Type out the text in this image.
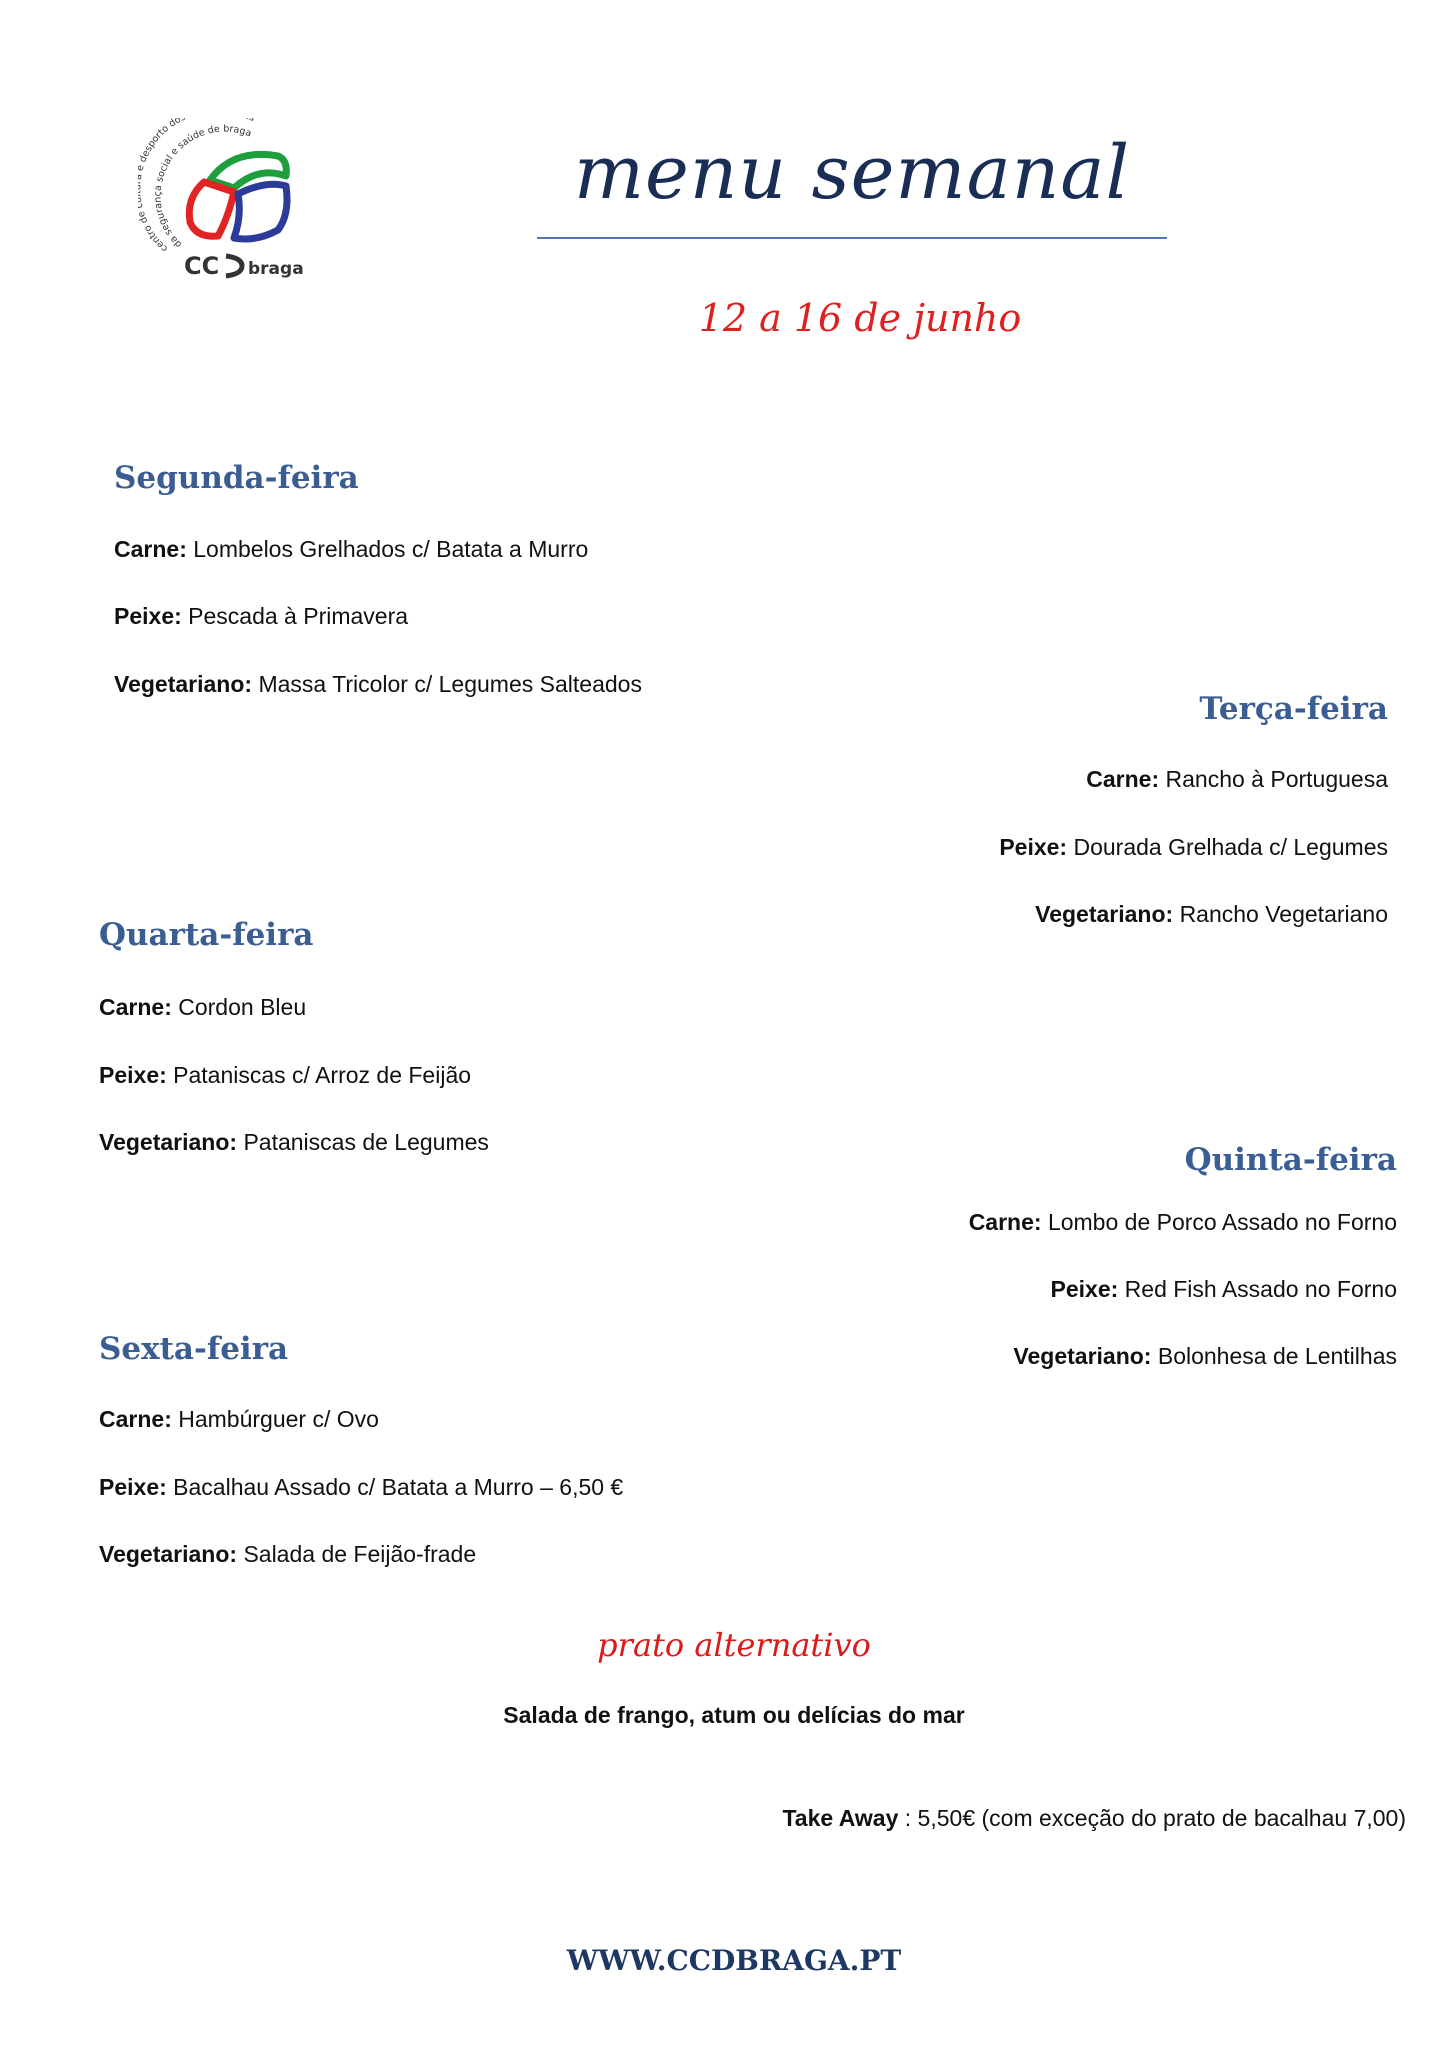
centro d desporto do
da segurança social e saúde de braga
CC braga
menu semanal
12 a 16 de junho
Segunda-feira
Carne: Lombelos Grelhados c/ Batata a Murro
Peixe: Pescada à Primavera
Vegetariano: Massa Tricolor c/ Legumes Salteados
Terça-feira
Carne: Rancho à Portuguesa
Peixe: Dourada Grelhada c/ Legumes
Vegetariano: Rancho Vegetariano
Quarta-feira
Carne: Cordon Bleu
Peixe: Pataniscas c/ Arroz de Feijão
Vegetariano: Pataniscas de Legumes	Quinta-feira
Carne: Lombo de Porco Assado no Forno
Peixe: Red Fish Assado no Forno
Vegetariano: Bolonhesa de Lentilhas
Sexta-feira
Carne: Hambúrguer c/ Ovo
Peixe: Bacalhau Assado c/ Batata a Murro – 6,50 €
Vegetariano: Salada de Feijão-frade
prato alternativo
Salada de frango, atum ou delícias do mar
Take Away : 5,50€ (com exceção do prato de bacalhau 7,00)
WWW.CCDBRAGA.PT
